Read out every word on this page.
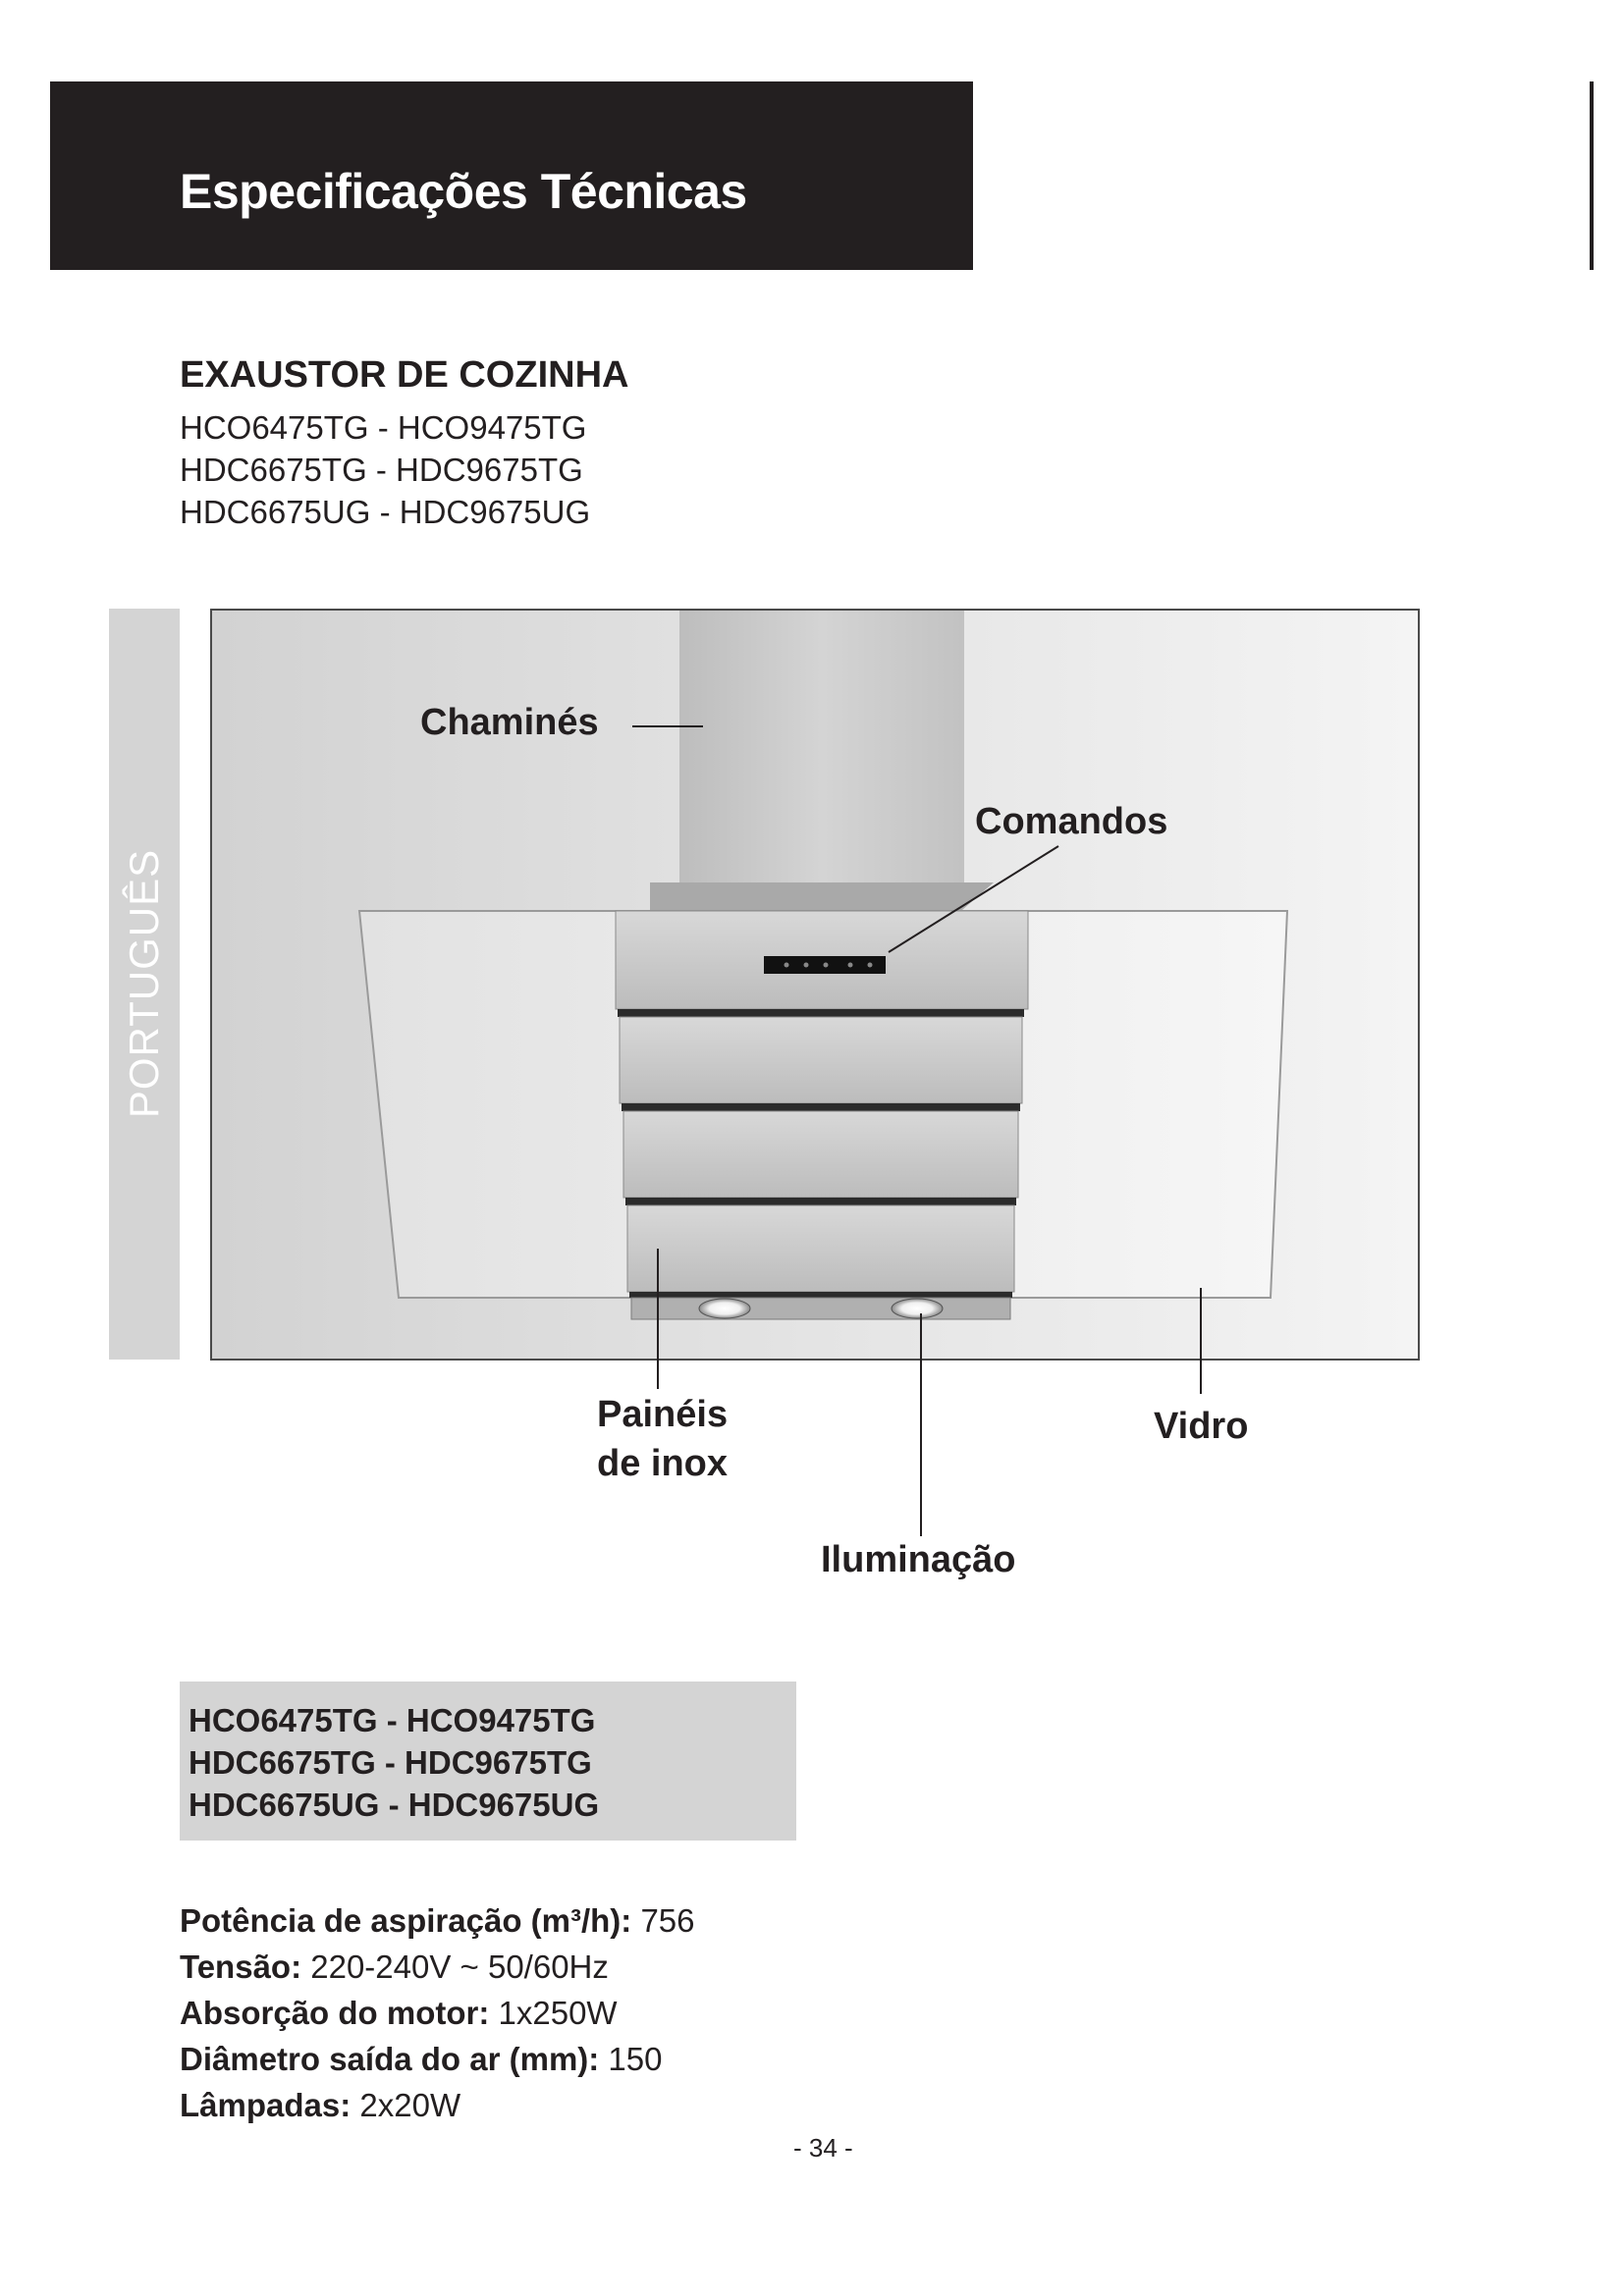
Especificações Técnicas
EXAUSTOR DE COZINHA
HCO6475TG - HCO9475TG
HDC6675TG - HDC9675TG
HDC6675UG - HDC9675UG
PORTUGUÊS
Chaminés
Comandos
Painéis
de inox
Vidro
Iluminação
HCO6475TG - HCO9475TG
HDC6675TG - HDC9675TG
HDC6675UG - HDC9675UG
Potência de aspiração (m³/h): 756
Tensão: 220-240V ~ 50/60Hz
Absorção do motor: 1x250W
Diâmetro saída do ar (mm): 150
Lâmpadas: 2x20W
- 34 -
